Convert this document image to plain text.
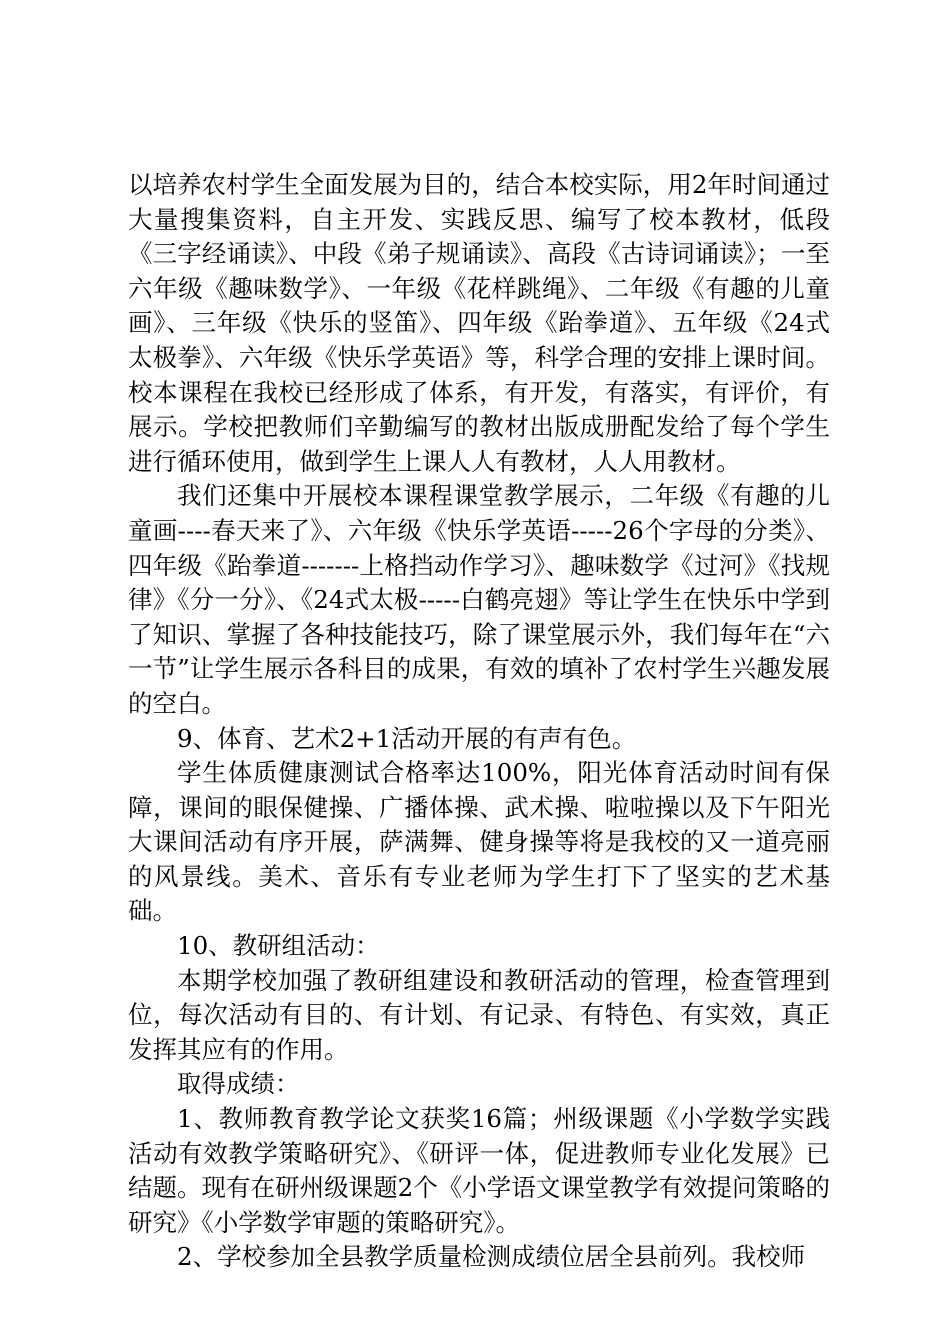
以培养农村学生全面发展为目的，结合本校实际，用2年时间通过大量搜集资料，自主开发、实践反思、编写了校本教材，低段《三字经诵读》、中段《弟子规诵读》、高段《古诗词诵读》；一至六年级《趣味数学》、一年级《花样跳绳》、二年级《有趣的儿童画》、三年级《快乐的竖笛》、四年级《跆拳道》、五年级《24式太极拳》、六年级《快乐学英语》等，科学合理的安排上课时间。校本课程在我校已经形成了体系，有开发，有落实，有评价，有展示。学校把教师们辛勤编写的教材出版成册配发给了每个学生进行循环使用，做到学生上课人人有教材，人人用教材。

我们还集中开展校本课程课堂教学展示，二年级《有趣的儿童画----春天来了》、六年级《快乐学英语-----26个字母的分类》、四年级《跆拳道-------上格挡动作学习》、趣味数学《过河》《找规律》《分一分》、《24式太极-----白鹤亮翅》等让学生在快乐中学到了知识、掌握了各种技能技巧，除了课堂展示外，我们每年在“六一节”让学生展示各科目的成果，有效的填补了农村学生兴趣发展的空白。

9、体育、艺术2+1活动开展的有声有色。

学生体质健康测试合格率达100%，阳光体育活动时间有保障，课间的眼保健操、广播体操、武术操、啦啦操以及下午阳光大课间活动有序开展，萨满舞、健身操等将是我校的又一道亮丽的风景线。美术、音乐有专业老师为学生打下了坚实的艺术基础。

10、教研组活动：

本期学校加强了教研组建设和教研活动的管理，检查管理到位，每次活动有目的、有计划、有记录、有特色、有实效，真正发挥其应有的作用。

取得成绩：

1、教师教育教学论文获奖16篇；州级课题《小学数学实践活动有效教学策略研究》、《研评一体，促进教师专业化发展》已结题。现有在研州级课题2个《小学语文课堂教学有效提问策略的研究》《小学数学审题的策略研究》。

2、学校参加全县教学质量检测成绩位居全县前列。我校师
